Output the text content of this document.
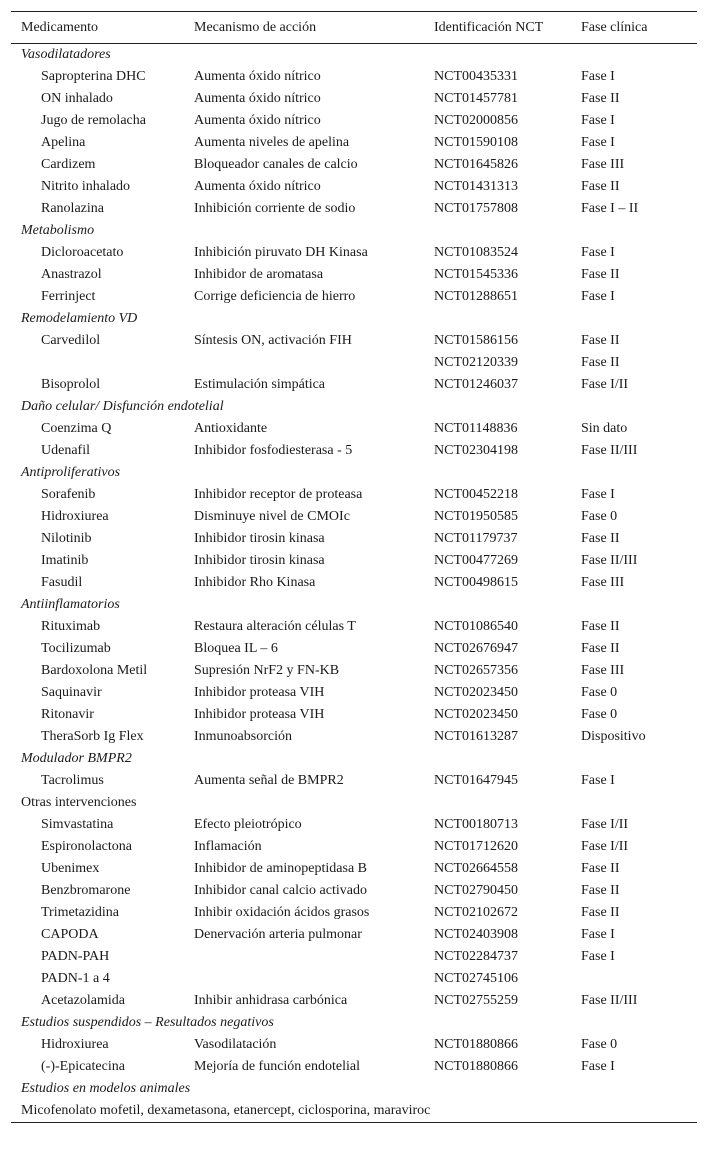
Medicamento	Mecanismo de acción	Identificación NCT	Fase clínica
Vasodilatadores			
Sapropterina DHC	Aumenta óxido nítrico	NCT00435331	Fase I
ON inhalado	Aumenta óxido nítrico	NCT01457781	Fase II
Jugo de remolacha	Aumenta óxido nítrico	NCT02000856	Fase I
Apelina	Aumenta niveles de apelina	NCT01590108	Fase I
Cardizem	Bloqueador canales de calcio	NCT01645826	Fase III
Nitrito inhalado	Aumenta óxido nítrico	NCT01431313	Fase II
Ranolazina	Inhibición corriente de sodio	NCT01757808	Fase I – II
Metabolismo			
Dicloroacetato	Inhibición piruvato DH Kinasa	NCT01083524	Fase I
Anastrazol	Inhibidor de aromatasa	NCT01545336	Fase II
Ferrinject	Corrige deficiencia de hierro	NCT01288651	Fase I
Remodelamiento VD			
Carvedilol	Síntesis ON, activación FIH	NCT01586156	Fase II
		NCT02120339	Fase II
Bisoprolol	Estimulación simpática	NCT01246037	Fase I/II
Daño celular/ Disfunción endotelial			
Coenzima Q	Antioxidante	NCT01148836	Sin dato
Udenafil	Inhibidor fosfodiesterasa - 5	NCT02304198	Fase II/III
Antiproliferativos			
Sorafenib	Inhibidor receptor de proteasa	NCT00452218	Fase I
Hidroxiurea	Disminuye nivel de CMOIc	NCT01950585	Fase 0
Nilotinib	Inhibidor tirosin kinasa	NCT01179737	Fase II
Imatinib	Inhibidor tirosin kinasa	NCT00477269	Fase II/III
Fasudil	Inhibidor Rho Kinasa	NCT00498615	Fase III
Antiinflamatorios			
Rituximab	Restaura alteración células T	NCT01086540	Fase II
Tocilizumab	Bloquea IL – 6	NCT02676947	Fase II
Bardoxolona Metil	Supresión NrF2 y FN-KB	NCT02657356	Fase III
Saquinavir	Inhibidor proteasa VIH	NCT02023450	Fase 0
Ritonavir	Inhibidor proteasa VIH	NCT02023450	Fase 0
TheraSorb Ig Flex	Inmunoabsorción	NCT01613287	Dispositivo
Modulador BMPR2			
Tacrolimus	Aumenta señal de BMPR2	NCT01647945	Fase I
Otras intervenciones			
Simvastatina	Efecto pleiotrópico	NCT00180713	Fase I/II
Espironolactona	Inflamación	NCT01712620	Fase I/II
Ubenimex	Inhibidor de aminopeptidasa B	NCT02664558	Fase II
Benzbromarone	Inhibidor canal calcio activado	NCT02790450	Fase II
Trimetazidina	Inhibir oxidación ácidos grasos	NCT02102672	Fase II
CAPODA	Denervación arteria pulmonar	NCT02403908	Fase I
PADN-PAH		NCT02284737	Fase I
PADN-1 a 4		NCT02745106	
Acetazolamida	Inhibir anhidrasa carbónica	NCT02755259	Fase II/III
Estudios suspendidos – Resultados negativos			
Hidroxiurea	Vasodilatación	NCT01880866	Fase 0
(-)-Epicatecina	Mejoría de función endotelial	NCT01880866	Fase I
Estudios en modelos animales			
Micofenolato mofetil, dexametasona, etanercept, ciclosporina, maraviroc			
